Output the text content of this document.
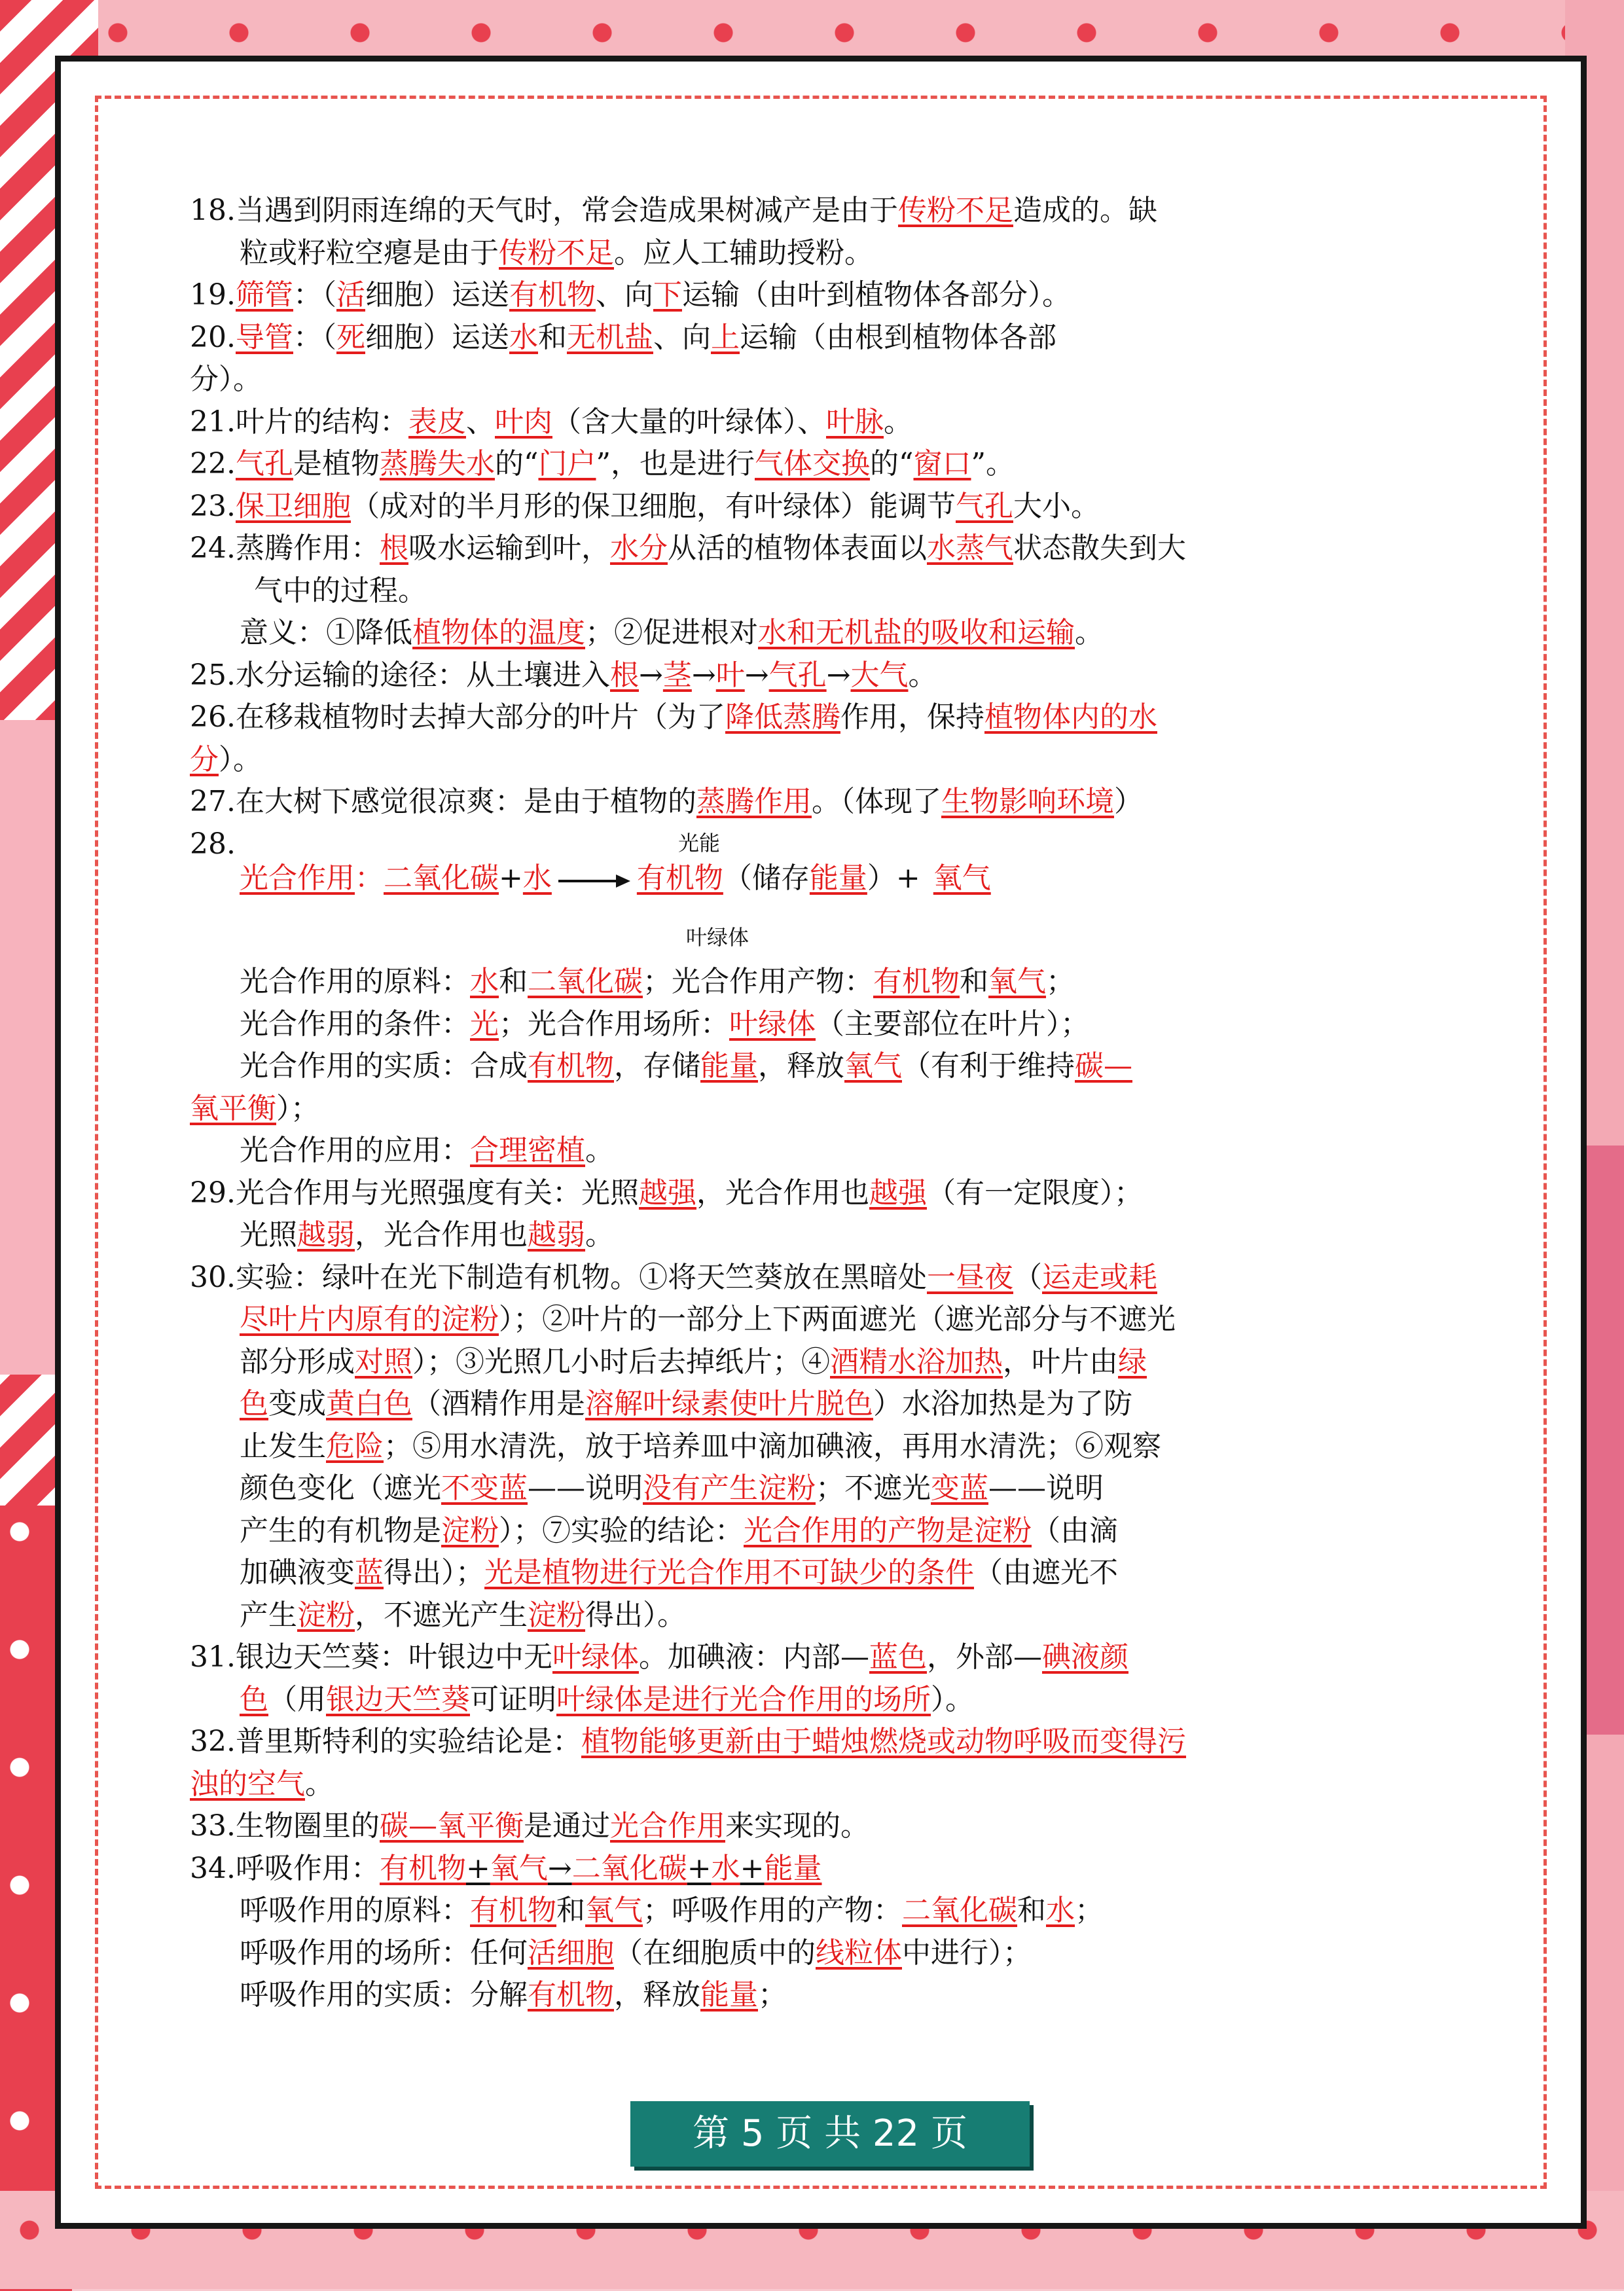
18.当遇到阴雨连绵的天气时，常会造成果树减产是由于传粉不足造成的。缺
粒或籽粒空瘪是由于传粉不足。应人工辅助授粉。
19.筛管：（活细胞）运送有机物、向下运输（由叶到植物体各部分）。
20.导管：（死细胞）运送水和无机盐、向上运输（由根到植物体各部
分）。
21.叶片的结构：表皮、叶肉（含大量的叶绿体）、叶脉。
22.气孔是植物蒸腾失水的“门户”，也是进行气体交换的“窗口”。
23.保卫细胞（成对的半月形的保卫细胞，有叶绿体）能调节气孔大小。
24.蒸腾作用：根吸水运输到叶，水分从活的植物体表面以水蒸气状态散失到大
气中的过程。
意义：①降低植物体的温度；②促进根对水和无机盐的吸收和运输。
25.水分运输的途径：从土壤进入根→茎→叶→气孔→大气。
26.在移栽植物时去掉大部分的叶片（为了降低蒸腾作用，保持植物体内的水
分）。
27.在大树下感觉很凉爽：是由于植物的蒸腾作用。（体现了生物影响环境）
28.	光能
光合作用：二氧化碳+水	有机物（储存能量）+ 氧气
叶绿体
光合作用的原料：水和二氧化碳；光合作用产物：有机物和氧气；
光合作用的条件：光；光合作用场所：叶绿体（主要部位在叶片）；
光合作用的实质：合成有机物，存储能量，释放氧气（有利于维持碳—
氧平衡）；
光合作用的应用：合理密植。
29.光合作用与光照强度有关：光照越强，光合作用也越强（有一定限度）；
光照越弱，光合作用也越弱。
30.实验：绿叶在光下制造有机物。①将天竺葵放在黑暗处一昼夜（运走或耗
尽叶片内原有的淀粉）；②叶片的一部分上下两面遮光（遮光部分与不遮光
部分形成对照）；③光照几小时后去掉纸片；④酒精水浴加热，叶片由绿
色变成黄白色（酒精作用是溶解叶绿素使叶片脱色）水浴加热是为了防
止发生危险；⑤用水清洗，放于培养皿中滴加碘液，再用水清洗；⑥观察
颜色变化（遮光不变蓝——说明没有产生淀粉；不遮光变蓝——说明
产生的有机物是淀粉）；⑦实验的结论：光合作用的产物是淀粉（由滴
加碘液变蓝得出）；光是植物进行光合作用不可缺少的条件（由遮光不
产生淀粉，不遮光产生淀粉得出）。
31.银边天竺葵：叶银边中无叶绿体。加碘液：内部—蓝色，外部—碘液颜
色（用银边天竺葵可证明叶绿体是进行光合作用的场所）。
32.普里斯特利的实验结论是：植物能够更新由于蜡烛燃烧或动物呼吸而变得污
浊的空气。
33.生物圈里的碳—氧平衡是通过光合作用来实现的。
34.呼吸作用：有机物+氧气→二氧化碳+水+能量
呼吸作用的原料：有机物和氧气；呼吸作用的产物：二氧化碳和水；
呼吸作用的场所：任何活细胞（在细胞质中的线粒体中进行）；
呼吸作用的实质：分解有机物，释放能量；
第 5 页 共 22 页
